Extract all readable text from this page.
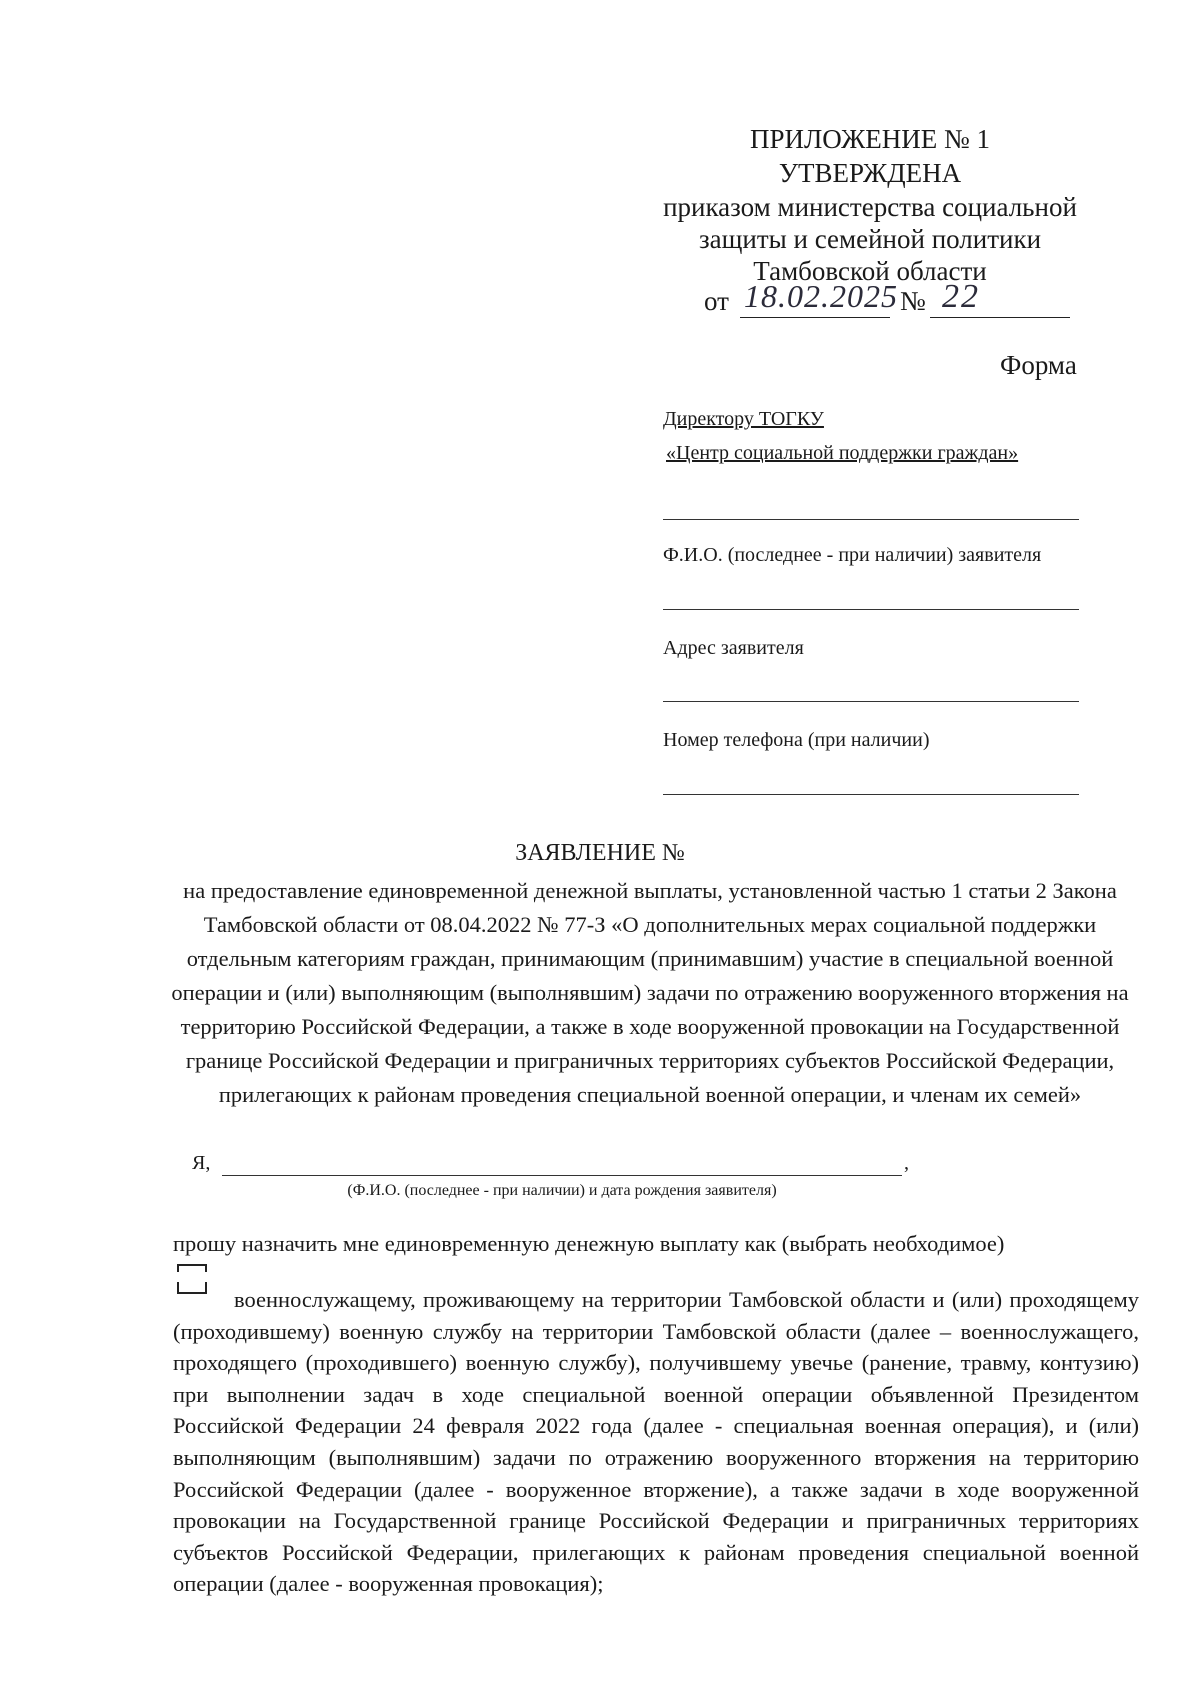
ПРИЛОЖЕНИЕ № 1
УТВЕРЖДЕНА
приказом министерства социальной
защиты и семейной политики
Тамбовской области
от 18.02.2025 № 22
Форма
Директору ТОГКУ
«Центр социальной поддержки граждан»
Ф.И.О. (последнее - при наличии) заявителя
Адрес заявителя
Номер телефона (при наличии)
ЗАЯВЛЕНИЕ №
на предоставление единовременной денежной выплаты, установленной частью 1 статьи 2 Закона Тамбовской области от 08.04.2022 № 77-З «О дополнительных мерах социальной поддержки отдельным категориям граждан, принимающим (принимавшим) участие в специальной военной операции и (или) выполняющим (выполнявшим) задачи по отражению вооруженного вторжения на территорию Российской Федерации, а также в ходе вооруженной провокации на Государственной границе Российской Федерации и приграничных территориях субъектов Российской Федерации, прилегающих к районам проведения специальной военной операции, и членам их семей»
Я,	,
(Ф.И.О. (последнее - при наличии) и дата рождения заявителя)
прошу назначить мне единовременную денежную выплату как (выбрать необходимое)
военнослужащему, проживающему на территории Тамбовской области и (или) проходящему (проходившему) военную службу на территории Тамбовской области (далее – военнослужащего, проходящего (проходившего) военную службу), получившему увечье (ранение, травму, контузию) при выполнении задач в ходе специальной военной операции объявленной Президентом Российской Федерации 24 февраля 2022 года (далее - специальная военная операция), и (или) выполняющим (выполнявшим) задачи по отражению вооруженного вторжения на территорию Российской Федерации (далее - вооруженное вторжение), а также задачи в ходе вооруженной провокации на Государственной границе Российской Федерации и приграничных территориях субъектов Российской Федерации, прилегающих к районам проведения специальной военной операции (далее - вооруженная провокация);
